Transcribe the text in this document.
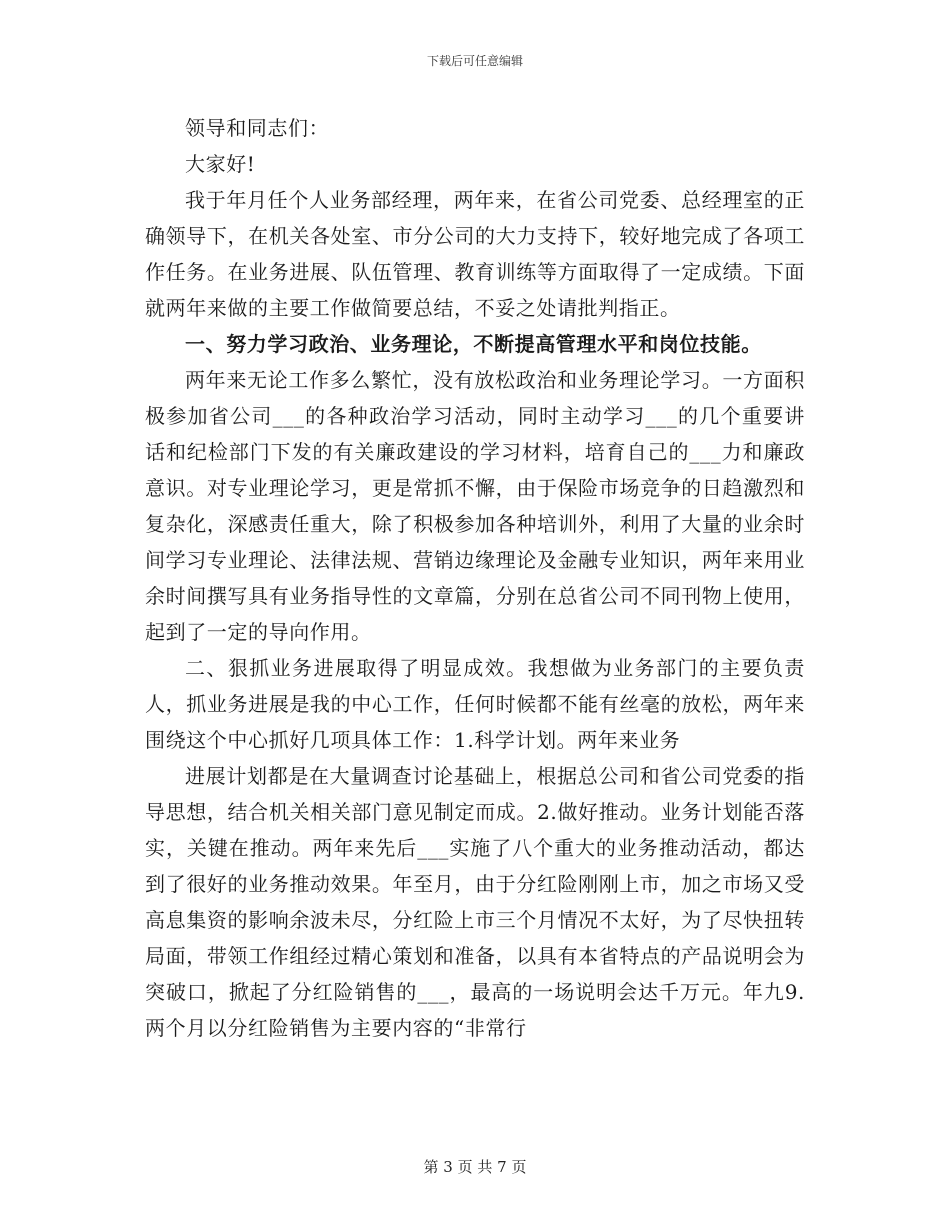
下载后可任意编辑

领导和同志们：

大家好!

我于年月任个人业务部经理，两年来，在省公司党委、总经理室的正确领导下，在机关各处室、市分公司的大力支持下，较好地完成了各项工作任务。在业务进展、队伍管理、教育训练等方面取得了一定成绩。下面就两年来做的主要工作做简要总结，不妥之处请批判指正。

一、努力学习政治、业务理论，不断提高管理水平和岗位技能。

两年来无论工作多么繁忙，没有放松政治和业务理论学习。一方面积极参加省公司___的各种政治学习活动，同时主动学习___的几个重要讲话和纪检部门下发的有关廉政建设的学习材料，培育自己的___力和廉政意识。对专业理论学习，更是常抓不懈，由于保险市场竞争的日趋激烈和复杂化，深感责任重大，除了积极参加各种培训外，利用了大量的业余时间学习专业理论、法律法规、营销边缘理论及金融专业知识，两年来用业余时间撰写具有业务指导性的文章篇，分别在总省公司不同刊物上使用，起到了一定的导向作用。

二、狠抓业务进展取得了明显成效。我想做为业务部门的主要负责人，抓业务进展是我的中心工作，任何时候都不能有丝毫的放松，两年来围绕这个中心抓好几项具体工作：1.科学计划。两年来业务

进展计划都是在大量调查讨论基础上，根据总公司和省公司党委的指导思想，结合机关相关部门意见制定而成。2.做好推动。业务计划能否落实，关键在推动。两年来先后___实施了八个重大的业务推动活动，都达到了很好的业务推动效果。年至月，由于分红险刚刚上市，加之市场又受高息集资的影响余波未尽，分红险上市三个月情况不太好，为了尽快扭转局面，带领工作组经过精心策划和准备，以具有本省特点的产品说明会为突破口，掀起了分红险销售的___，最高的一场说明会达千万元。年九9.两个月以分红险销售为主要内容的“非常行

第 3 页 共 7 页
